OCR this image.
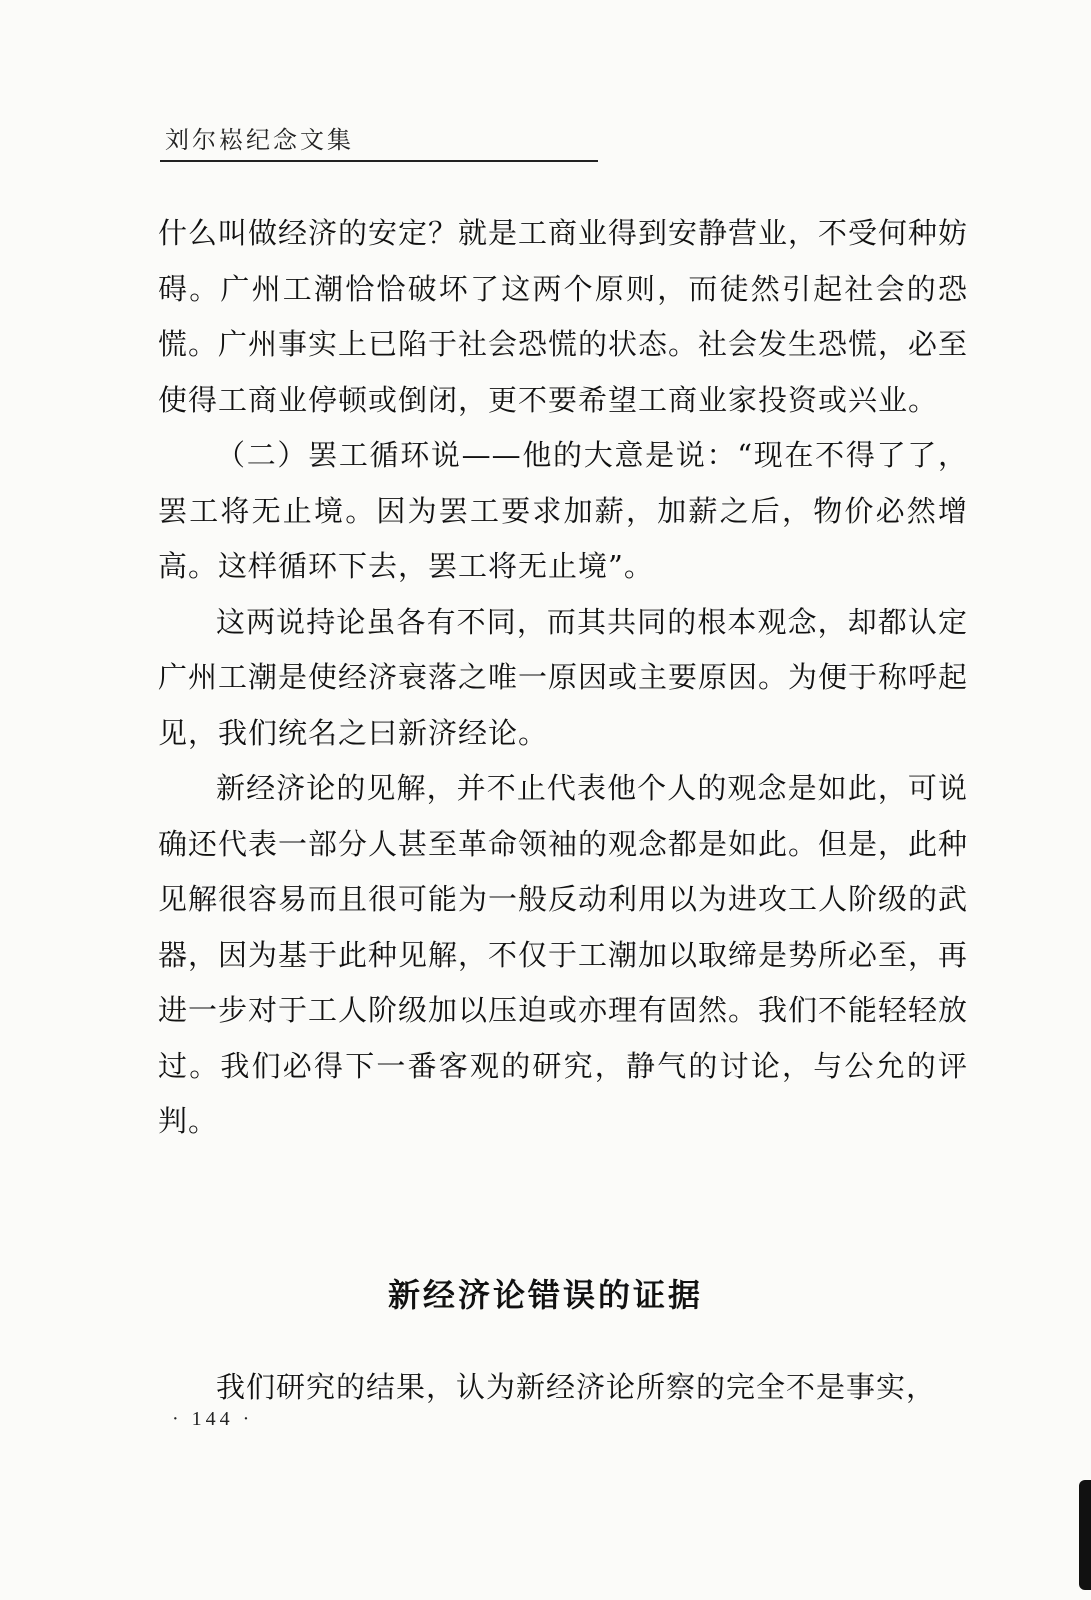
刘尔崧纪念文集

什么叫做经济的安定？就是工商业得到安静营业，不受何种妨碍。广州工潮恰恰破坏了这两个原则，而徒然引起社会的恐慌。广州事实上已陷于社会恐慌的状态。社会发生恐慌，必至使得工商业停顿或倒闭，更不要希望工商业家投资或兴业。

（二）罢工循环说——他的大意是说：“现在不得了了，罢工将无止境。因为罢工要求加薪，加薪之后，物价必然增高。这样循环下去，罢工将无止境”。

这两说持论虽各有不同，而其共同的根本观念，却都认定广州工潮是使经济衰落之唯一原因或主要原因。为便于称呼起见，我们统名之曰新济经论。

新经济论的见解，并不止代表他个人的观念是如此，可说确还代表一部分人甚至革命领袖的观念都是如此。但是，此种见解很容易而且很可能为一般反动利用以为进攻工人阶级的武器，因为基于此种见解，不仅于工潮加以取缔是势所必至，再进一步对于工人阶级加以压迫或亦理有固然。我们不能轻轻放过。我们必得下一番客观的研究，静气的讨论，与公允的评判。

新经济论错误的证据
我们研究的结果，认为新经济论所察的完全不是事实，
· 144 ·
